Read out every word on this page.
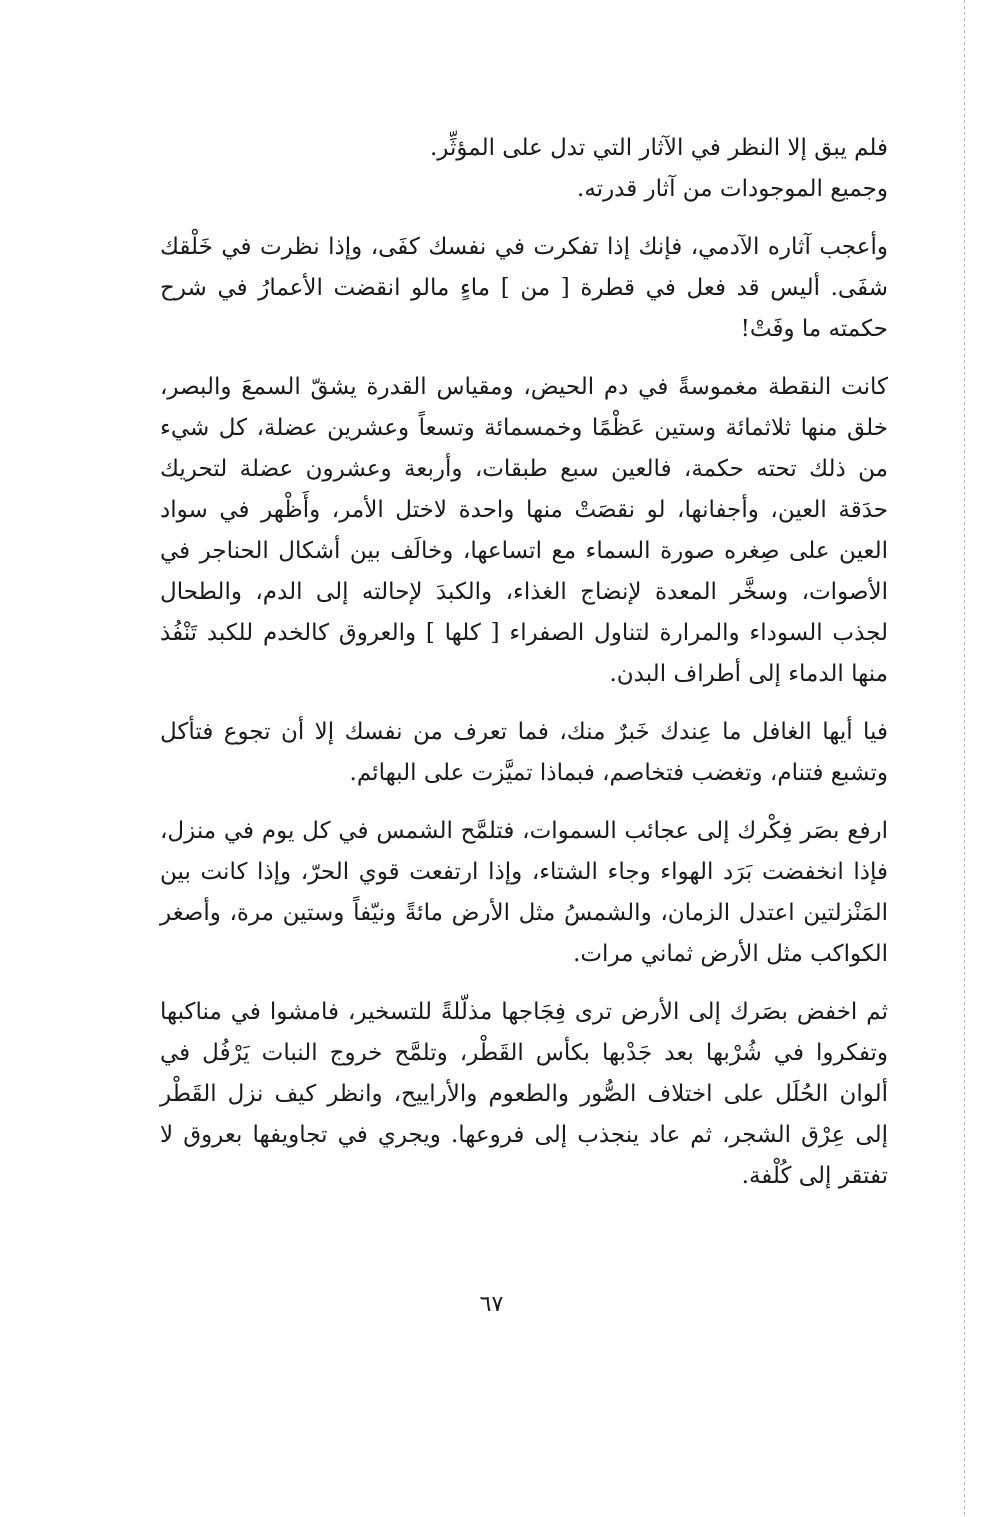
فلم يبق إلا النظر في الآثار التي تدل على المؤثِّر.

وجميع الموجودات من آثار قدرته.

وأعجب آثاره الآدمي، فإنك إذا تفكرت في نفسك كفَى، وإذا نظرت في خَلْقك شفَى. أليس قد فعل في قطرة [ من ] ماءٍ مالو انقضت الأعمارُ في شرح حكمته ما وفَتْ!

كانت النقطة مغموسةً في دم الحيض، ومقياس القدرة يشقّ السمعَ والبصر، خلق منها ثلاثمائة وستين عَظْمًا وخمسمائة وتسعاً وعشرين عضلة، كل شيء من ذلك تحته حكمة، فالعين سبع طبقات، وأربعة وعشرون عضلة لتحريك حدَقة العين، وأجفانها، لو نقصَتْ منها واحدة لاختل الأمر، وأَظْهر في سواد العين على صِغره صورة السماء مع اتساعها، وخالَف بين أشكال الحناجر في الأصوات، وسخَّر المعدة لإنضاج الغذاء، والكبدَ لإحالته إلى الدم، والطحال لجذب السوداء والمرارة لتناول الصفراء [ كلها ] والعروق كالخدم للكبد تَنْفُذ منها الدماء إلى أطراف البدن.

فيا أيها الغافل ما عِندك خَبرٌ منك، فما تعرف من نفسك إلا أن تجوع فتأكل وتشبع فتنام، وتغضب فتخاصم، فبماذا تميَّزت على البهائم.

ارفع بصَر فِكْرك إلى عجائب السموات، فتلمَّح الشمس في كل يوم في منزل، فإذا انخفضت بَرَد الهواء وجاء الشتاء، وإذا ارتفعت قوي الحرّ، وإذا كانت بين المَنْزلتين اعتدل الزمان، والشمسُ مثل الأرض مائةً ونيّفاً وستين مرة، وأصغر الكواكب مثل الأرض ثماني مرات.

ثم اخفض بصَرك إلى الأرض ترى فِجَاجها مذلّلةً للتسخير، فامشوا في مناكبها وتفكروا في شُرْبها بعد جَدْبها بكأس القَطْر، وتلمَّح خروج النبات يَرْفُل في ألوان الحُلَل على اختلاف الصُّور والطعوم والأراييح، وانظر كيف نزل القَطْر إلى عِرْق الشجر، ثم عاد ينجذب إلى فروعها. ويجري في تجاويفها بعروق لا تفتقر إلى كُلْفة.

٦٧
